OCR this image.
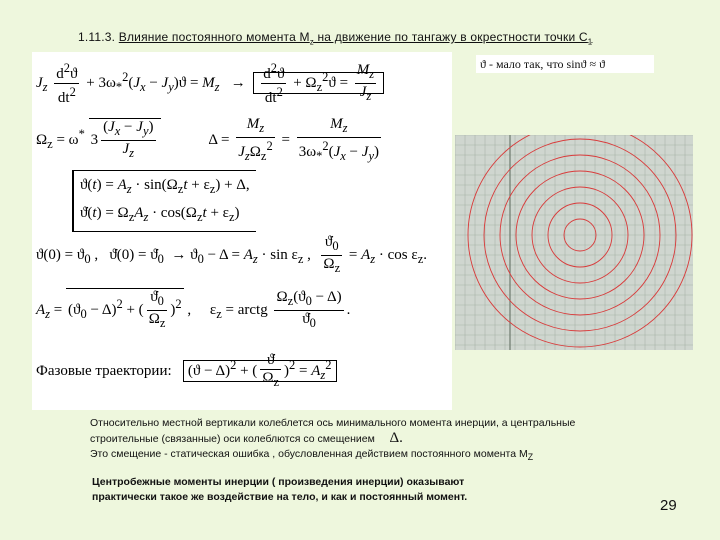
1.11.3. Влияние постоянного момента $M_z$ на движение по тангажу в окрестности точки $C_1$
$J_z \frac{d^2ϑ}{dt^2} + 3\omega_*^2(J_x - J_y)ϑ = M_z \to \frac{d^2ϑ}{dt^2} + \Omega_z^2ϑ = \frac{M_z}{J_z}$
$\Omega_z = \omega^*$ $3 \frac{(J_x - J_y)}{J_z}$ $\Delta = \frac{M_z}{J_z\Omega_z^2} = \frac{M_z}{3\omega_*^2(J_x - J_y)}$
$ϑ(t) = A_z \cdot \sin(\Omega_zt + \varepsilon_z) + \Delta$,
ϑ̇(t) = $\Omega_zA_z \cdot \cos(\Omega_zt + \varepsilon_z)$
$ϑ(0) = ϑ_0$ ,   ϑ̇(0) = $ϑ̇_0 \to ϑ_0 - \Delta = A_z \cdot \sin \varepsilon_z$ , $\frac{ϑ̇_0}{\Omega_z} = A_z \cdot \cos \varepsilon_z$.
$A_z = (ϑ_0 - \Delta)^2$ + ( $\frac{ϑ̇_0}{\Omega_z} )^2$ ,     $\varepsilon_z$ = arctg $\frac{\Omega_z(ϑ_0 - \Delta)}{ϑ̇_0}$ .
Фазовые траектории:   $(ϑ - \Delta)^2$ + ( $\frac{ϑ̇}{\Omega_z} )^2 = A_z^2$
ϑ - мало так, что sinϑ ≈ ϑ
Относительно местной вертикали колеблется ось минимального момента инерции, а центральные
строительные (связанные) оси колеблются со смещением Δ.
Это смещение - статическая ошибка , обусловленная действием постоянного момента $M_Z$
Центробежные моменты инерции ( произведения инерции) оказывают
практически такое же воздействие на тело, и как и постоянный момент.	29
